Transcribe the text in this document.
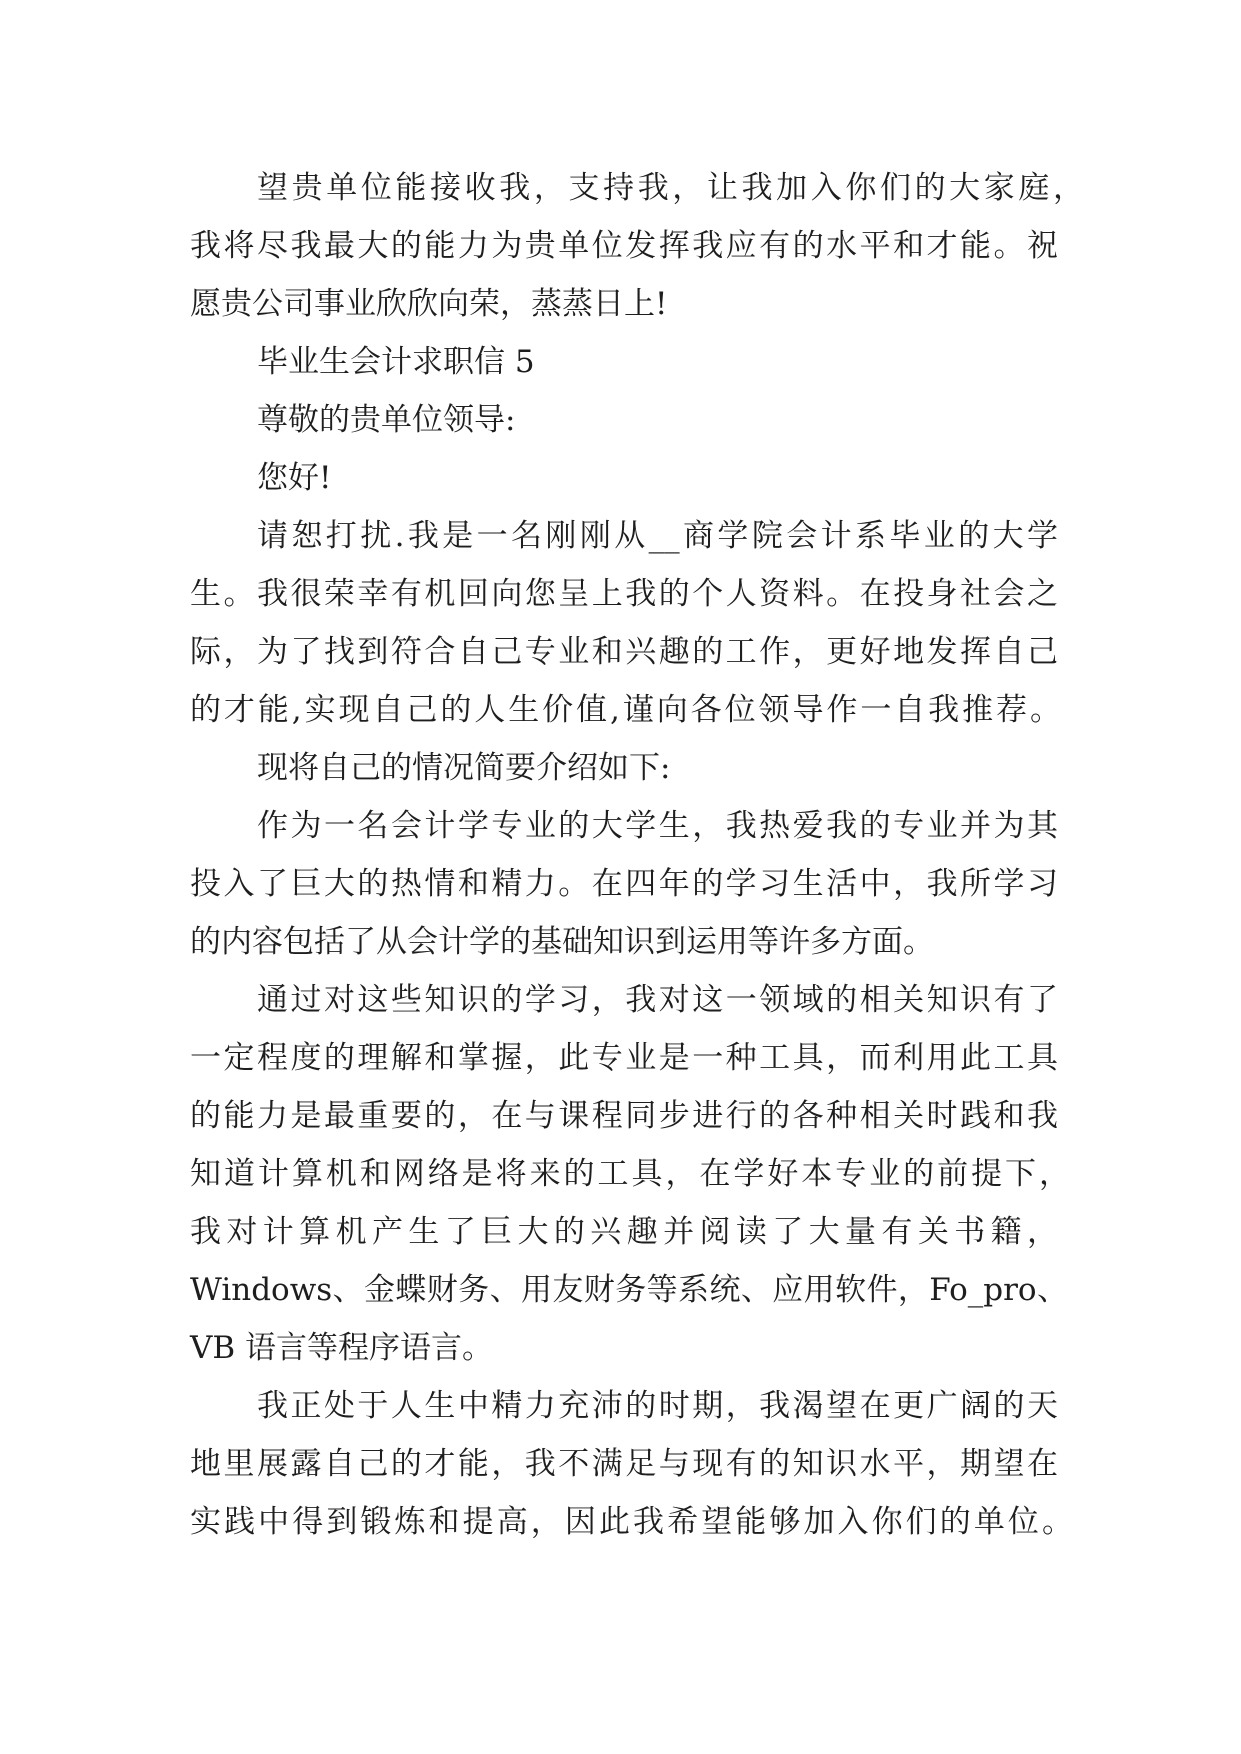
望贵单位能接收我，支持我，让我加入你们的大家庭，

我将尽我最大的能力为贵单位发挥我应有的水平和才能。祝

愿贵公司事业欣欣向荣，蒸蒸日上!

毕业生会计求职信 5

尊敬的贵单位领导:

您好!

请恕打扰.我是一名刚刚从__商学院会计系毕业的大学

生。我很荣幸有机回向您呈上我的个人资料。在投身社会之

际，为了找到符合自己专业和兴趣的工作，更好地发挥自己

的才能,实现自己的人生价值,谨向各位领导作一自我推荐。

现将自己的情况简要介绍如下:

作为一名会计学专业的大学生，我热爱我的专业并为其

投入了巨大的热情和精力。在四年的学习生活中，我所学习

的内容包括了从会计学的基础知识到运用等许多方面。

通过对这些知识的学习，我对这一领域的相关知识有了

一定程度的理解和掌握，此专业是一种工具，而利用此工具

的能力是最重要的，在与课程同步进行的各种相关时践和我

知道计算机和网络是将来的工具，在学好本专业的前提下，

我对计算机产生了巨大的兴趣并阅读了大量有关书籍，

Windows、金蝶财务、用友财务等系统、应用软件，Fo_pro、

VB 语言等程序语言。

我正处于人生中精力充沛的时期，我渴望在更广阔的天

地里展露自己的才能，我不满足与现有的知识水平，期望在

实践中得到锻炼和提高，因此我希望能够加入你们的单位。
